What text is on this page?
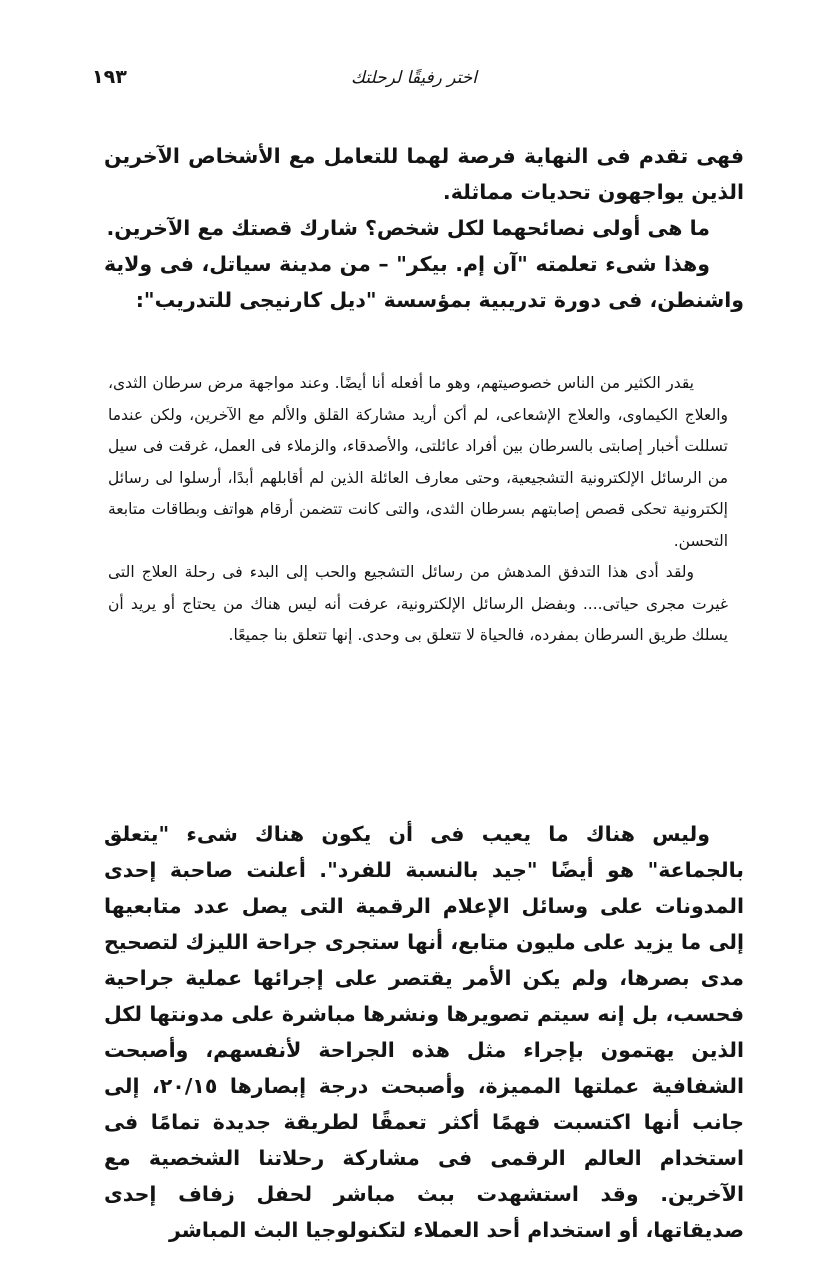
١٩٣	اختر رفيقًا لرحلتك

فهى تقدم فى النهاية فرصة لهما للتعامل مع الأشخاص الآخرين الذين يواجهون تحديات مماثلة.

ما هى أولى نصائحهما لكل شخص؟ شارك قصتك مع الآخرين.

وهذا شىء تعلمته "آن إم. بيكر" – من مدينة سياتل، فى ولاية واشنطن، فى دورة تدريبية بمؤسسة "ديل كارنيجى للتدريب":

يقدر الكثير من الناس خصوصيتهم، وهو ما أفعله أنا أيضًا. وعند مواجهة مرض سرطان الثدى، والعلاج الكيماوى، والعلاج الإشعاعى، لم أكن أريد مشاركة القلق والألم مع الآخرين، ولكن عندما تسللت أخبار إصابتى بالسرطان بين أفراد عائلتى، والأصدقاء، والزملاء فى العمل، غرقت فى سيل من الرسائل الإلكترونية التشجيعية، وحتى معارف العائلة الذين لم أقابلهم أبدًا، أرسلوا لى رسائل إلكترونية تحكى قصص إصابتهم بسرطان الثدى، والتى كانت تتضمن أرقام هواتف وبطاقات متابعة التحسن.

ولقد أدى هذا التدفق المدهش من رسائل التشجيع والحب إلى البدء فى رحلة العلاج التى غيرت مجرى حياتى.... وبفضل الرسائل الإلكترونية، عرفت أنه ليس هناك من يحتاج أو يريد أن يسلك طريق السرطان بمفرده، فالحياة لا تتعلق بى وحدى. إنها تتعلق بنا جميعًا.

وليس هناك ما يعيب فى أن يكون هناك شىء "يتعلق بالجماعة" هو أيضًا "جيد بالنسبة للفرد". أعلنت صاحبة إحدى المدونات على وسائل الإعلام الرقمية التى يصل عدد متابعيها إلى ما يزيد على مليون متابع، أنها ستجرى جراحة الليزك لتصحيح مدى بصرها، ولم يكن الأمر يقتصر على إجرائها عملية جراحية فحسب، بل إنه سيتم تصويرها ونشرها مباشرة على مدونتها لكل الذين يهتمون بإجراء مثل هذه الجراحة لأنفسهم، وأصبحت الشفافية عملتها المميزة، وأصبحت درجة إبصارها ٢٠/١٥، إلى جانب أنها اكتسبت فهمًا أكثر تعمقًا لطريقة جديدة تمامًا فى استخدام العالم الرقمى فى مشاركة رحلاتنا الشخصية مع الآخرين. وقد استشهدت ببث مباشر لحفل زفاف إحدى صديقاتها، أو استخدام أحد العملاء لتكنولوجيا البث المباشر
